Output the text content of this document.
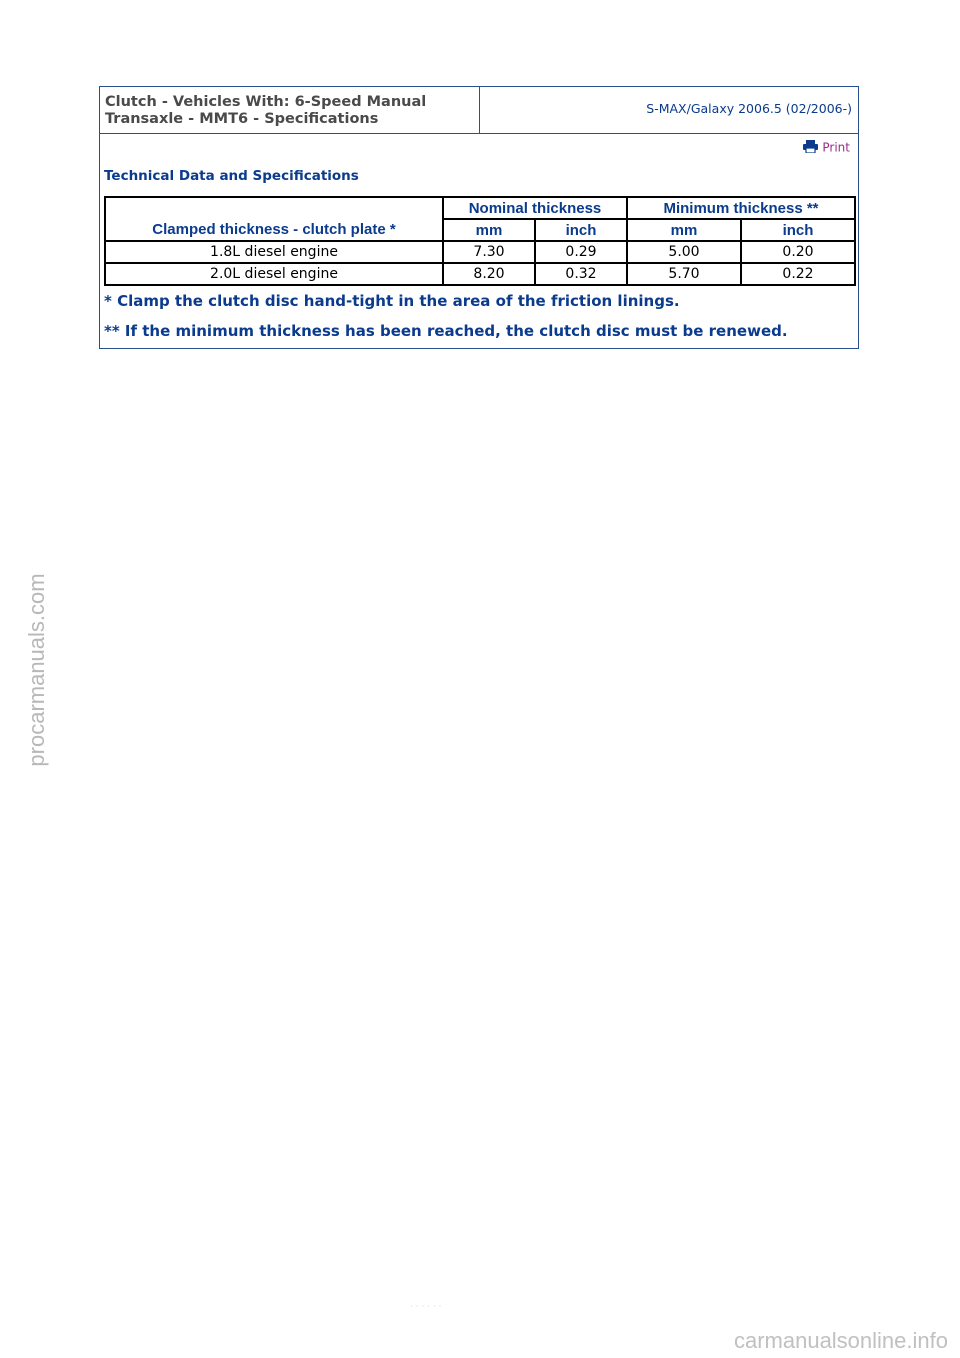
Clutch - Vehicles With: 6-Speed Manual
Transaxle - MMT6 - Specifications
S-MAX/Galaxy 2006.5 (02/2006-)
Print
Technical Data and Specifications
Clamped thickness - clutch plate *	Nominal thickness		Minimum thickness **	
	mm	inch	mm	inch
1.8L diesel engine	7.30	0.29	5.00	0.20
2.0L diesel engine	8.20	0.32	5.70	0.22
* Clamp the clutch disc hand-tight in the area of the friction linings.
** If the minimum thickness has been reached, the clutch disc must be renewed.
· · · · · ·
procarmanuals.com
carmanualsonline.info
